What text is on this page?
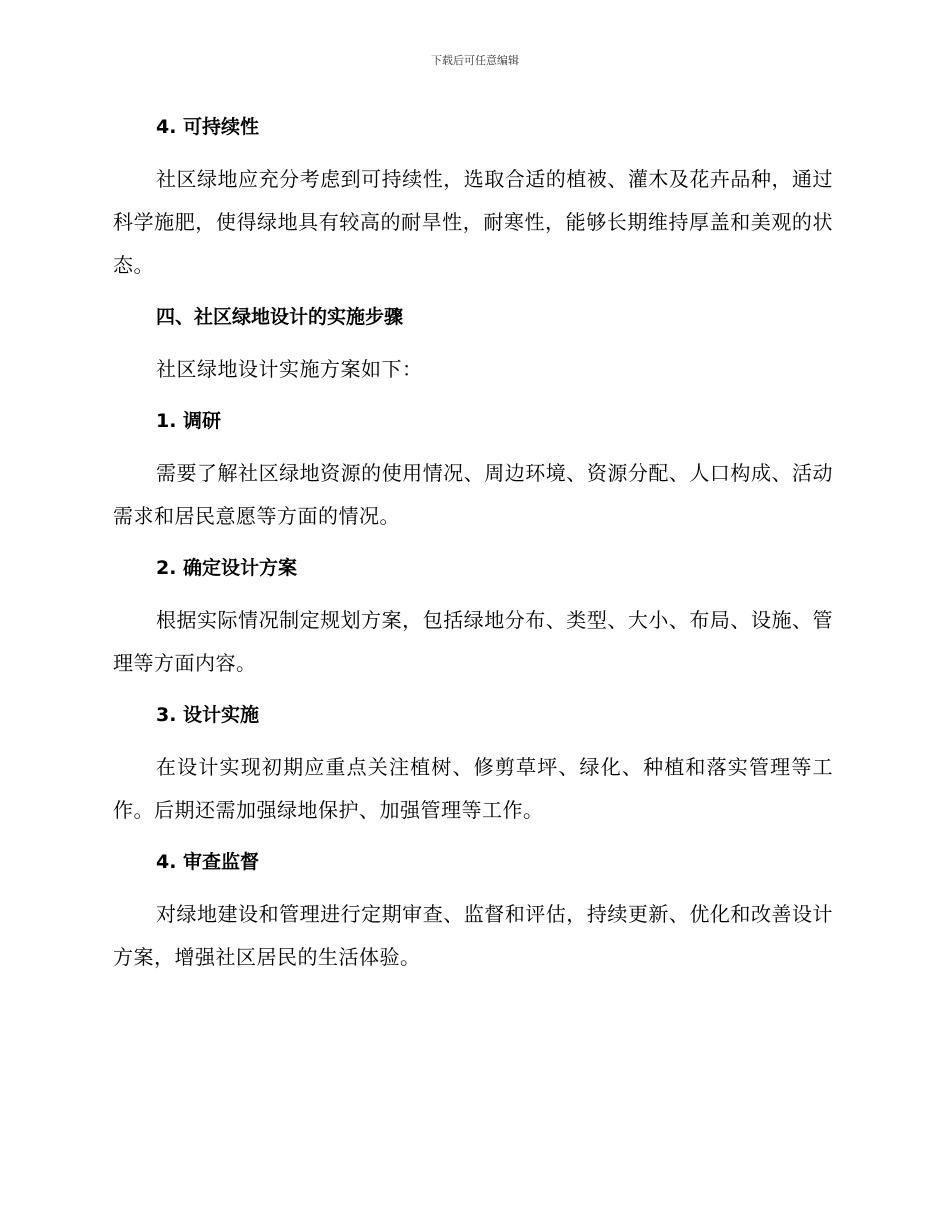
下载后可任意编辑
4. 可持续性

社区绿地应充分考虑到可持续性，选取合适的植被、灌木及花卉品种，通过科学施肥，使得绿地具有较高的耐旱性，耐寒性，能够长期维持厚盖和美观的状态。

四、社区绿地设计的实施步骤

社区绿地设计实施方案如下：

1. 调研

需要了解社区绿地资源的使用情况、周边环境、资源分配、人口构成、活动需求和居民意愿等方面的情况。

2. 确定设计方案

根据实际情况制定规划方案，包括绿地分布、类型、大小、布局、设施、管理等方面内容。

3. 设计实施

在设计实现初期应重点关注植树、修剪草坪、绿化、种植和落实管理等工作。后期还需加强绿地保护、加强管理等工作。

4. 审查监督

对绿地建设和管理进行定期审查、监督和评估，持续更新、优化和改善设计方案，增强社区居民的生活体验。
